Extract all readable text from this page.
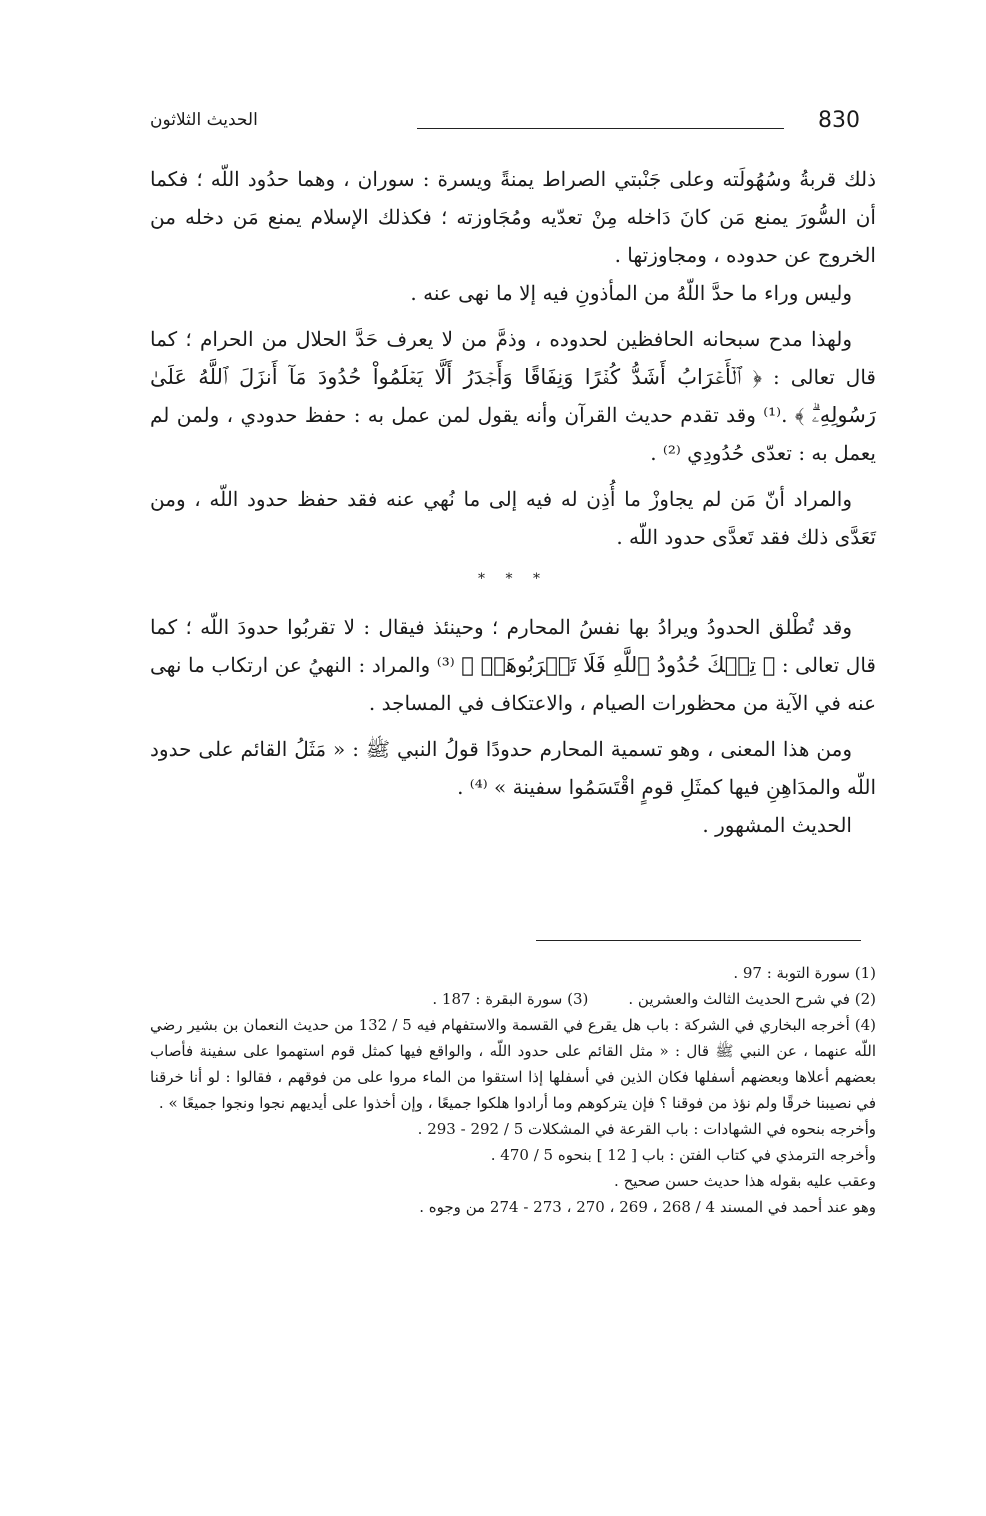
830
الحديث الثلاثون

ذلك قربةُ وسُهُولَته وعلى جَنْبتي الصراط يمنةً ويسرة : سوران ، وهما حدُود اللّه ؛ فكما أن السُّورَ يمنع مَن كانَ دَاخله مِنْ تعدّيه ومُجَاوزته ؛ فكذلك الإسلام يمنع مَن دخله من الخروج عن حدوده ، ومجاوزتها .

وليس وراء ما حدَّ اللّهُ من المأذونِ فيه إلا ما نهى عنه .

ولهذا مدح سبحانه الحافظين لحدوده ، وذمَّ من لا يعرف حَدَّ الحلال من الحرام ؛ كما قال تعالى : ﴿ ٱلۡأَعۡرَابُ أَشَدُّ كُفۡرًا وَنِفَاقًا وَأَجۡدَرُ أَلَّا يَعۡلَمُواْ حُدُودَ مَآ أَنزَلَ ٱللَّهُ عَلَىٰ رَسُولِهِۦۗ ﴾ .⁽¹⁾ وقد تقدم حديث القرآن وأنه يقول لمن عمل به : حفظ حدودي ، ولمن لم يعمل به : تعدّى حُدُودِي ⁽²⁾ .

والمراد أنّ مَن لم يجاوزْ ما أُذِن له فيه إلى ما نُهي عنه فقد حفظ حدود اللّه ، ومن تَعَدَّى ذلك فقد تَعدَّى حدود اللّه .

* * *

وقد تُطْلق الحدودُ ويرادُ بها نفسُ المحارم ؛ وحينئذ فيقال : لا تقربُوا حدودَ اللّه ؛ كما قال تعالى : ﴿ تِلۡكَ حُدُودُ ٱللَّهِ فَلَا تَقۡرَبُوهَاۗ ﴾ ⁽³⁾ والمراد : النهيُ عن ارتكاب ما نهى عنه في الآية من محظورات الصيام ، والاعتكاف في المساجد .

ومن هذا المعنى ، وهو تسمية المحارم حدودًا قولُ النبي ﷺ : « مَثَلُ القائم على حدود اللّه والمدَاهِنِ فيها كمثَلِ قومٍ اقْتَسَمُوا سفينة » ⁽⁴⁾ .

الحديث المشهور .

(1) سورة التوبة : 97 .

(2) في شرح الحديث الثالث والعشرين .
(3) سورة البقرة : 187 .

(4) أخرجه البخاري في الشركة : باب هل يقرع في القسمة والاستفهام فيه 5 / 132 من حديث النعمان بن بشير رضي اللّه عنهما ، عن النبي ﷺ قال : « مثل القائم على حدود اللّه ، والواقع فيها كمثل قوم استهموا على سفينة فأصاب بعضهم أعلاها وبعضهم أسفلها فكان الذين في أسفلها إذا استقوا من الماء مروا على من فوقهم ، فقالوا : لو أنا خرقنا في نصيبنا خرقًا ولم نؤذ من فوقنا ؟ فإن يتركوهم وما أرادوا هلكوا جميعًا ، وإن أخذوا على أيديهم نجوا ونجوا جميعًا » .

وأخرجه بنحوه في الشهادات : باب القرعة في المشكلات 5 / 292 - 293 .

وأخرجه الترمذي في كتاب الفتن : باب [ 12 ] بنحوه 5 / 470 .

وعقب عليه بقوله هذا حديث حسن صحيح .

وهو عند أحمد في المسند 4 / 268 ، 269 ، 270 ، 273 - 274 من وجوه .
